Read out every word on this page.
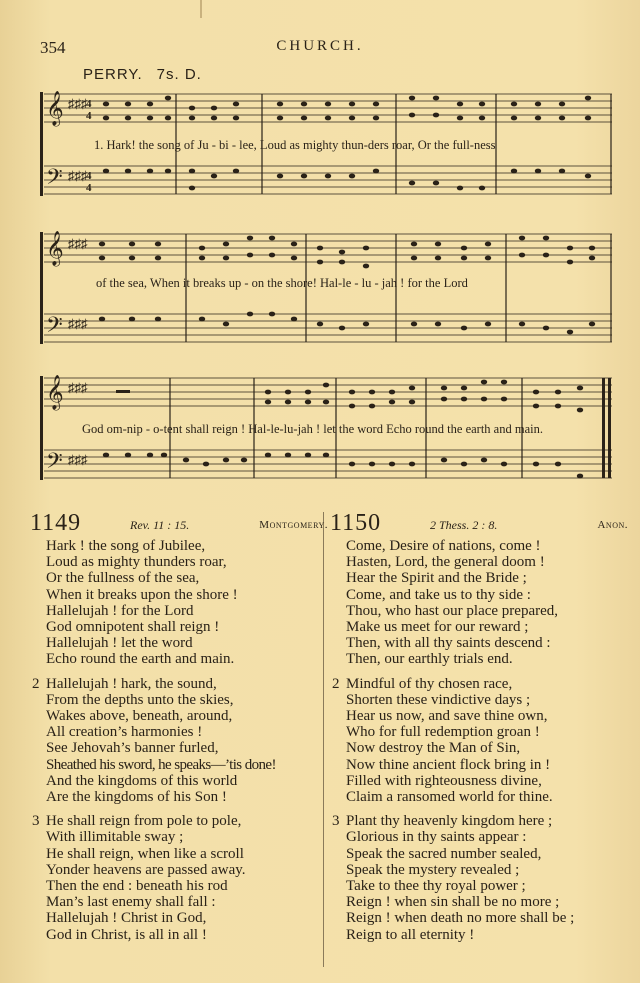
354	CHURCH.
PERRY. 7s. D.
𝄞
𝄢
♯♯♯
♯♯♯
4
4
4
4
1. Hark! the song of Ju - bi - lee, Loud as mighty thun-ders roar, Or the full-ness
𝄞
𝄢
♯♯♯
♯♯♯
of the sea, When it breaks up - on the shore! Hal-le - lu - jah ! for the Lord
𝄞
𝄢
♯♯♯
♯♯♯
God om-nip - o-tent shall reign ! Hal-le-lu-jah ! let the word Echo round the earth and main.
1149	Rev. 11 : 15.	Montgomery.
Hark ! the song of Jubilee,
Loud as mighty thunders roar,
Or the fullness of the sea,
When it breaks upon the shore !
Hallelujah ! for the Lord
God omnipotent shall reign !
Hallelujah ! let the word
Echo round the earth and main.
2 Hallelujah ! hark, the sound,
From the depths unto the skies,
Wakes above, beneath, around,
All creation’s harmonies !
See Jehovah’s banner furled,
Sheathed his sword, he speaks—’tis done!
And the kingdoms of this world
Are the kingdoms of his Son !
3 He shall reign from pole to pole,
With illimitable sway ;
He shall reign, when like a scroll
Yonder heavens are passed away.
Then the end : beneath his rod
Man’s last enemy shall fall :
Hallelujah ! Christ in God,
God in Christ, is all in all !
1150	2 Thess. 2 : 8.	Anon.
Come, Desire of nations, come !
Hasten, Lord, the general doom !
Hear the Spirit and the Bride ;
Come, and take us to thy side :
Thou, who hast our place prepared,
Make us meet for our reward ;
Then, with all thy saints descend :
Then, our earthly trials end.
2 Mindful of thy chosen race,
Shorten these vindictive days ;
Hear us now, and save thine own,
Who for full redemption groan !
Now destroy the Man of Sin,
Now thine ancient flock bring in !
Filled with righteousness divine,
Claim a ransomed world for thine.
3 Plant thy heavenly kingdom here ;
Glorious in thy saints appear :
Speak the sacred number sealed,
Speak the mystery revealed ;
Take to thee thy royal power ;
Reign ! when sin shall be no more ;
Reign ! when death no more shall be ;
Reign to all eternity !
